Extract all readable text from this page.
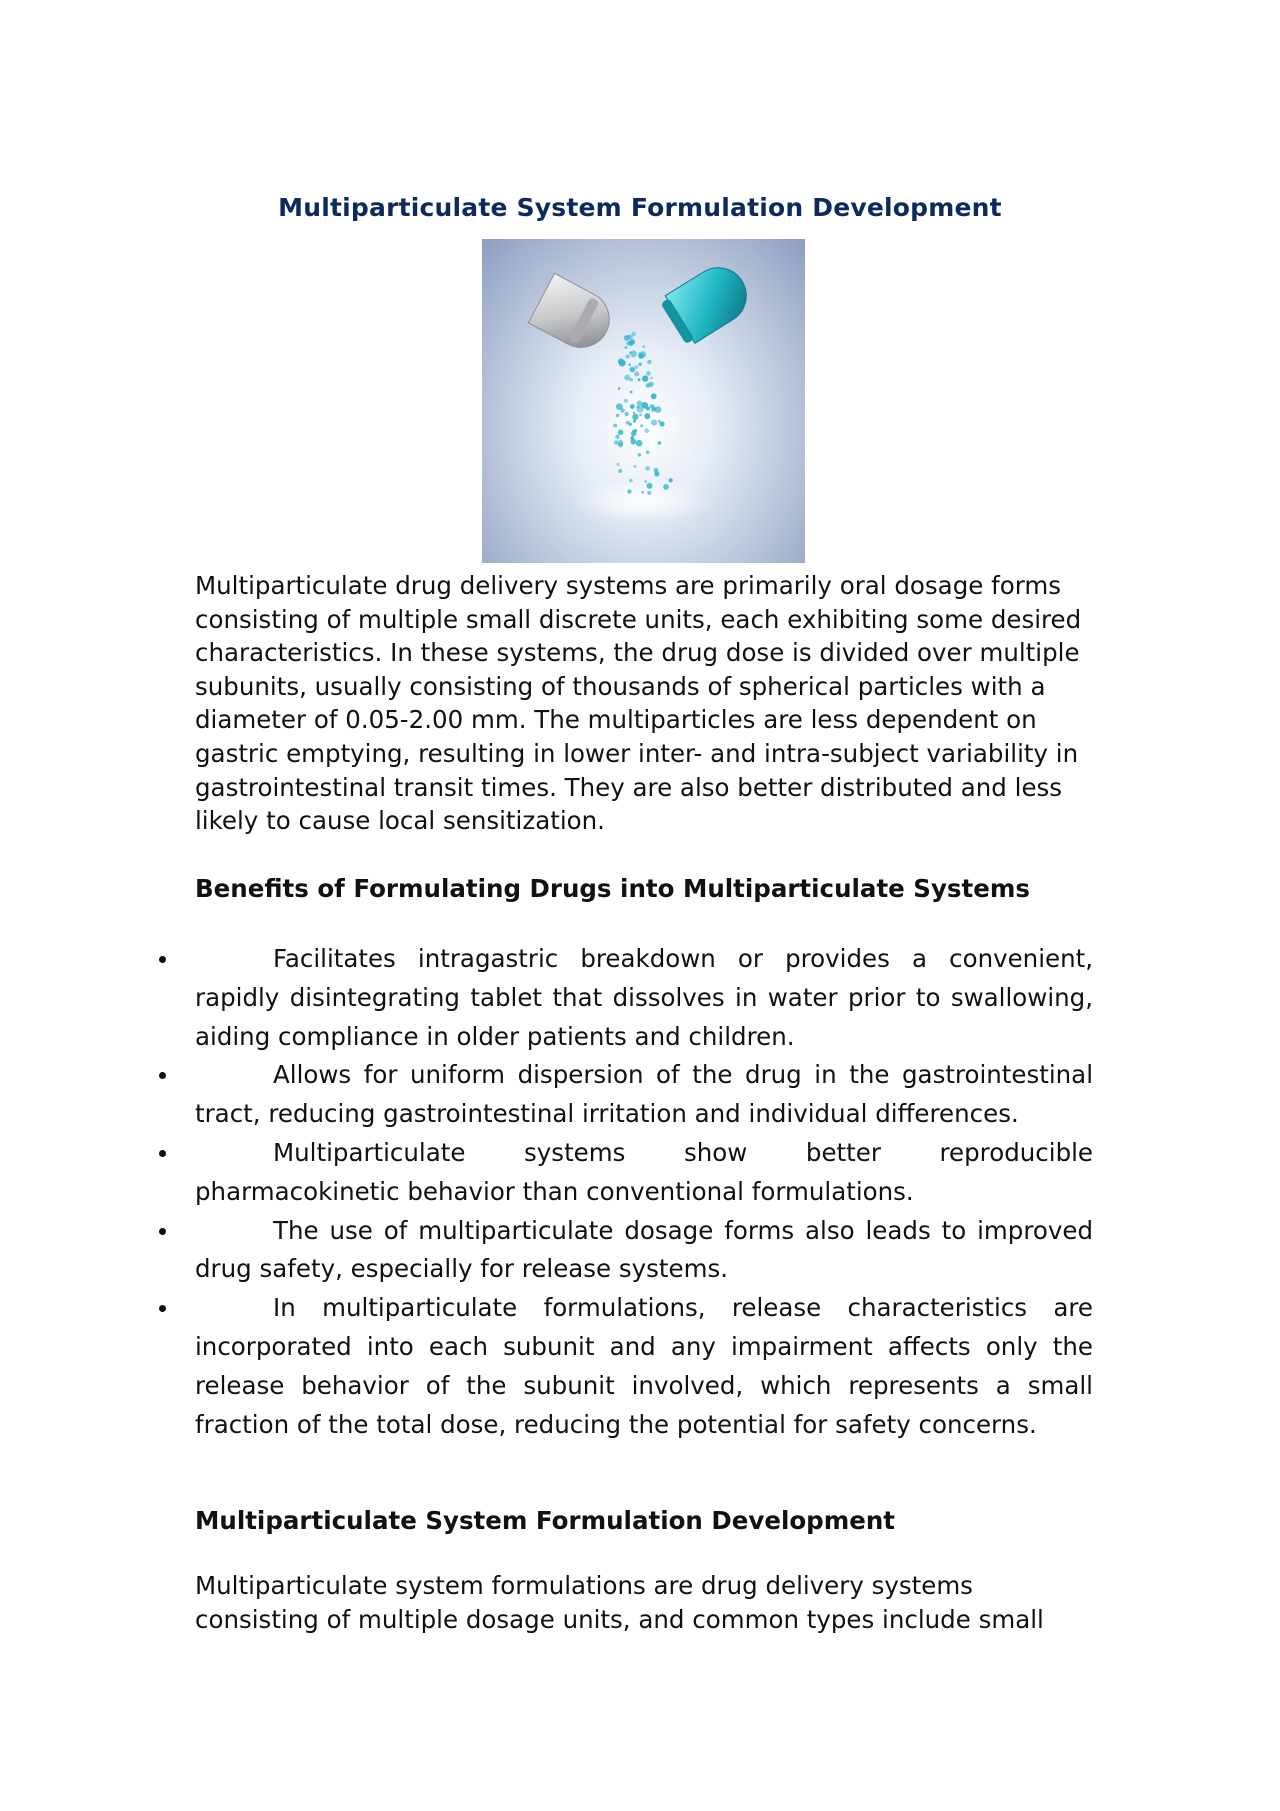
Multiparticulate System Formulation Development

Multiparticulate drug delivery systems are primarily oral dosage forms consisting of multiple small discrete units, each exhibiting some desired characteristics. In these systems, the drug dose is divided over multiple subunits, usually consisting of thousands of spherical particles with a diameter of 0.05-2.00 mm. The multiparticles are less dependent on gastric emptying, resulting in lower inter- and intra-subject variability in gastrointestinal transit times. They are also better distributed and less likely to cause local sensitization.

Benefits of Formulating Drugs into Multiparticulate Systems
Facilitates intragastric breakdown or provides a convenient, rapidly disintegrating tablet that dissolves in water prior to swallowing, aiding compliance in older patients and children.
Allows for uniform dispersion of the drug in the gastrointestinal tract, reducing gastrointestinal irritation and individual differences.
Multiparticulate systems show better reproducible pharmacokinetic behavior than conventional formulations.
The use of multiparticulate dosage forms also leads to improved drug safety, especially for release systems.
In multiparticulate formulations, release characteristics are incorporated into each subunit and any impairment affects only the release behavior of the subunit involved, which represents a small fraction of the total dose, reducing the potential for safety concerns.
Multiparticulate System Formulation Development

Multiparticulate system formulations are drug delivery systems consisting of multiple dosage units, and common types include small
